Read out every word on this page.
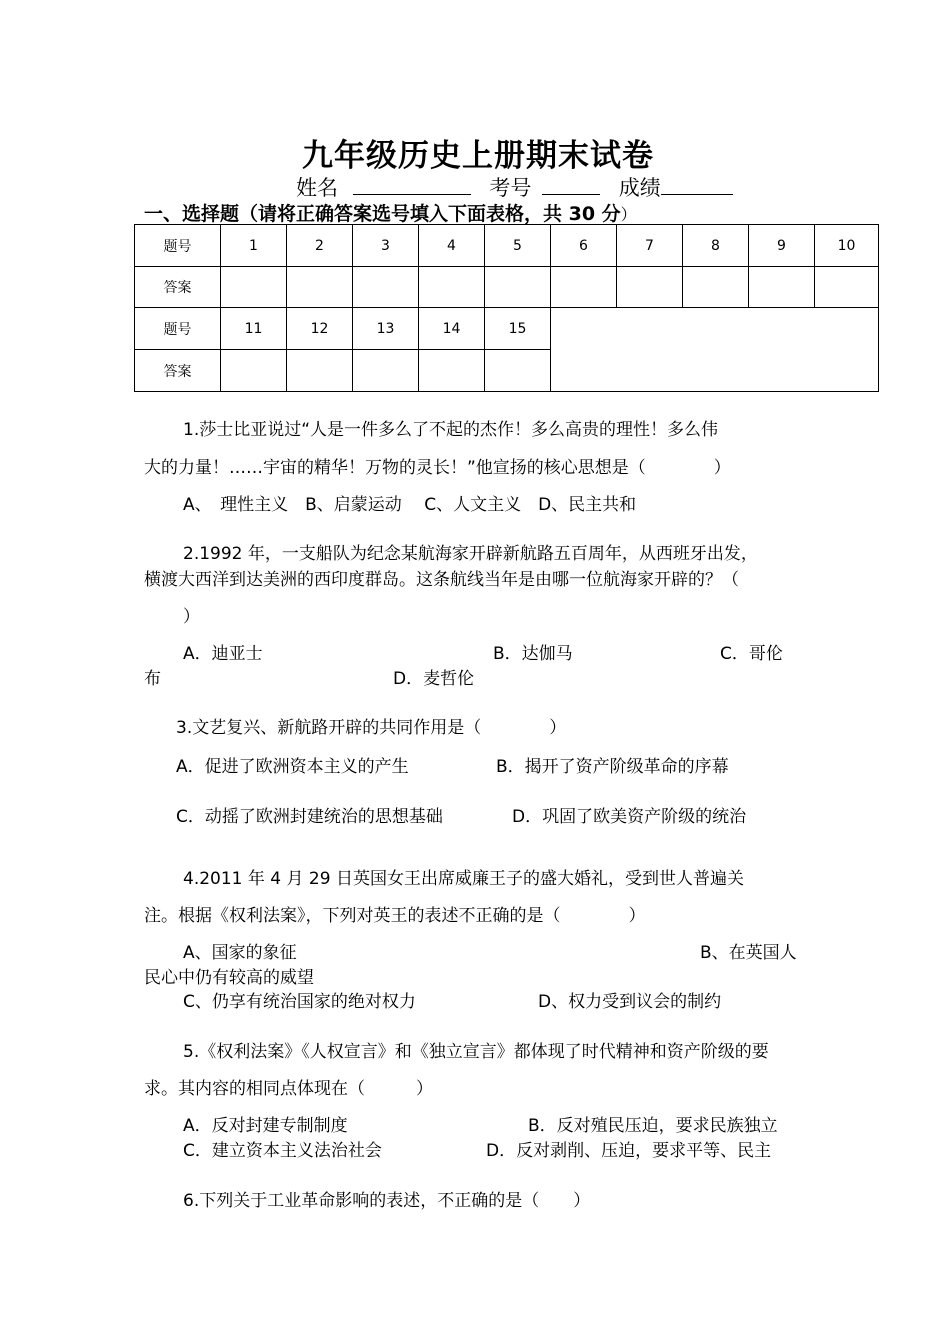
九年级历史上册期末试卷
姓名	考号	成绩
一、选择题（请将正确答案选号填入下面表格，共 30 分）
题号	1	2	3	4	5	6	7	8	9	10
答案										
题号	11	12	13	14	15					
答案										
1.莎士比亚说过“人是一件多么了不起的杰作！多么高贵的理性！多么伟
大的力量！……宇宙的精华！万物的灵长！”他宣扬的核心思想是（　　　　）
A、　理性主义　B、启蒙运动　 C、人文主义　D、民主共和
2.1992 年，一支船队为纪念某航海家开辟新航路五百周年，从西班牙出发，
横渡大西洋到达美洲的西印度群岛。这条航线当年是由哪一位航海家开辟的？（
）
A．迪亚士	B．达伽马	C．哥伦
布	D．麦哲伦
3.文艺复兴、新航路开辟的共同作用是（　　　　）
A．促进了欧洲资本主义的产生	B．揭开了资产阶级革命的序幕
C．动摇了欧洲封建统治的思想基础	D．巩固了欧美资产阶级的统治
4.2011 年 4 月 29 日英国女王出席威廉王子的盛大婚礼，受到世人普遍关
注。根据《权利法案》，下列对英王的表述不正确的是（　　　　）
A、国家的象征	B、在英国人
民心中仍有较高的威望
C、仍享有统治国家的绝对权力	D、权力受到议会的制约
5.《权利法案》《人权宣言》和《独立宣言》都体现了时代精神和资产阶级的要
求。其内容的相同点体现在（　　　）
A．反对封建专制制度	B．反对殖民压迫，要求民族独立
C．建立资本主义法治社会	D．反对剥削、压迫，要求平等、民主
6.下列关于工业革命影响的表述，不正确的是（　　）
